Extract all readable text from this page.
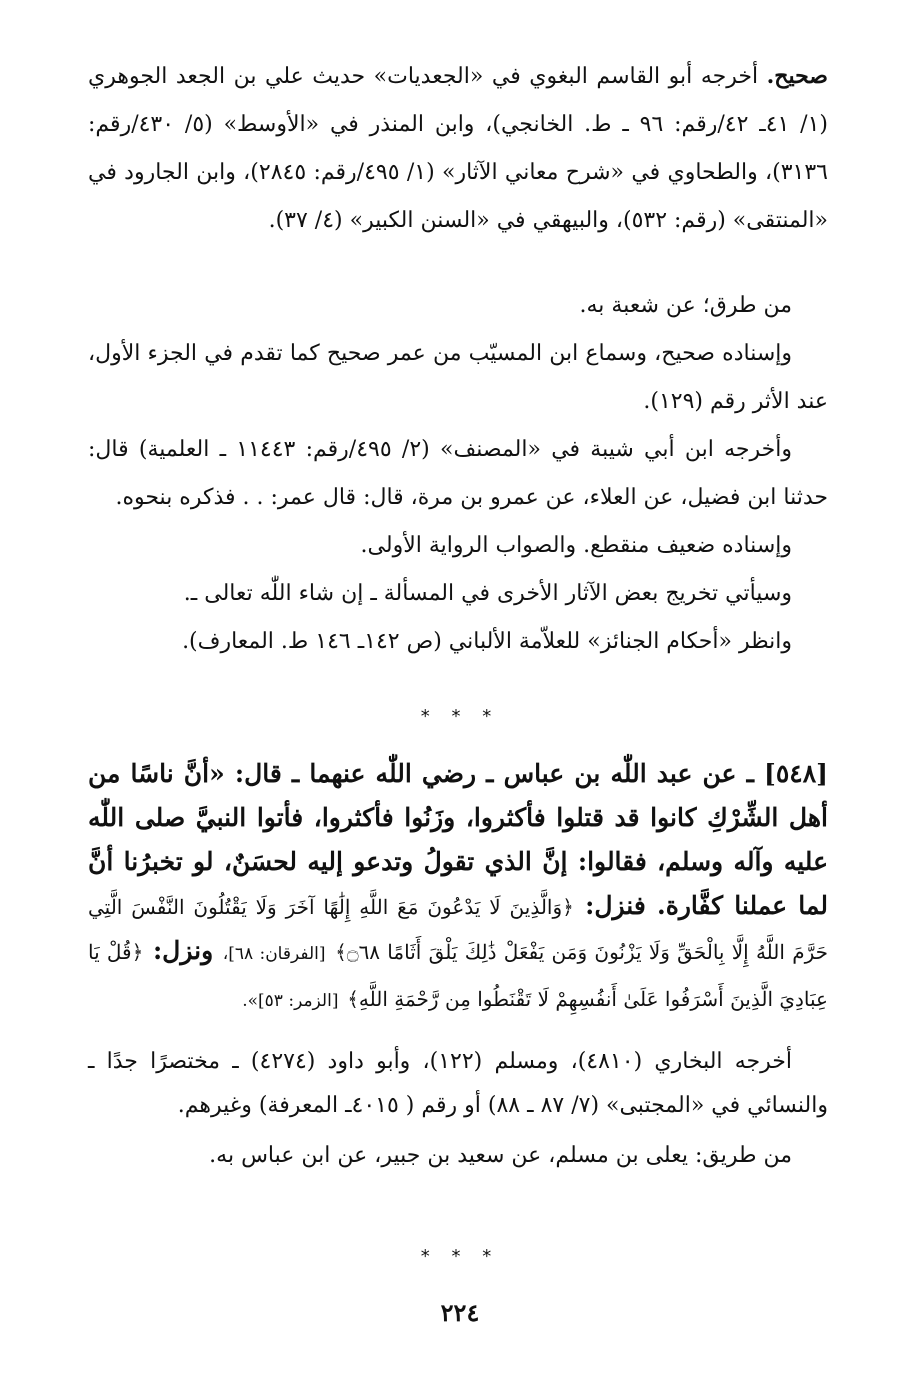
صحيح. أخرجه أبو القاسم البغوي في «الجعديات» حديث علي بن الجعد الجوهري (١/ ٤١ـ ٤٢/رقم: ٩٦ ـ ط. الخانجي)، وابن المنذر في «الأوسط» (٥/ ٤٣٠/رقم: ٣١٣٦)، والطحاوي في «شرح معاني الآثار» (١/ ٤٩٥/رقم: ٢٨٤٥)، وابن الجارود في «المنتقى» (رقم: ٥٣٢)، والبيهقي في «السنن الكبير» (٤/ ٣٧).

من طرق؛ عن شعبة به.

وإسناده صحيح، وسماع ابن المسيّب من عمر صحيح كما تقدم في الجزء الأول، عند الأثر رقم (١٢٩).

وأخرجه ابن أبي شيبة في «المصنف» (٢/ ٤٩٥/رقم: ١١٤٤٣ ـ العلمية) قال: حدثنا ابن فضيل، عن العلاء، عن عمرو بن مرة، قال: قال عمر: . . فذكره بنحوه.

وإسناده ضعيف منقطع. والصواب الرواية الأولى.

وسيأتي تخريج بعض الآثار الأخرى في المسألة ـ إن شاء اللّٰه تعالى ـ.

وانظر «أحكام الجنائز» للعلاّمة الألباني (ص ١٤٢ـ ١٤٦ ط. المعارف).

* * *

[٥٤٨] ـ عن عبد اللّٰه بن عباس ـ رضي اللّٰه عنهما ـ قال: «أنَّ ناسًا من أهل الشِّرْكِ كانوا قد قتلوا فأكثروا، وزَنُوا فأكثروا، فأتوا النبيَّ صلى اللّٰه عليه وآله وسلم، فقالوا: إنَّ الذي تقولُ وتدعو إليه لحسَنٌ، لو تخبرُنا أنَّ لما عملنا كفَّارة. فنزل: ﴿وَالَّذِينَ لَا يَدْعُونَ مَعَ اللَّهِ إِلَٰهًا آخَرَ وَلَا يَقْتُلُونَ النَّفْسَ الَّتِي حَرَّمَ اللَّهُ إِلَّا بِالْحَقِّ وَلَا يَزْنُونَ وَمَن يَفْعَلْ ذَٰلِكَ يَلْقَ أَثَامًا ۝٦٨﴾ [الفرقان: ٦٨]، ونزل: ﴿قُلْ يَا عِبَادِيَ الَّذِينَ أَسْرَفُوا عَلَىٰ أَنفُسِهِمْ لَا تَقْنَطُوا مِن رَّحْمَةِ اللَّهِ﴾ [الزمر: ٥٣]».

أخرجه البخاري (٤٨١٠)، ومسلم (١٢٢)، وأبو داود (٤٢٧٤) ـ مختصرًا جدًا ـ والنسائي في «المجتبى» (٧/ ٨٧ ـ ٨٨) أو رقم ( ٤٠١٥ـ المعرفة) وغيرهم.

من طريق: يعلى بن مسلم، عن سعيد بن جبير، عن ابن عباس به.

* * *
٢٢٤
